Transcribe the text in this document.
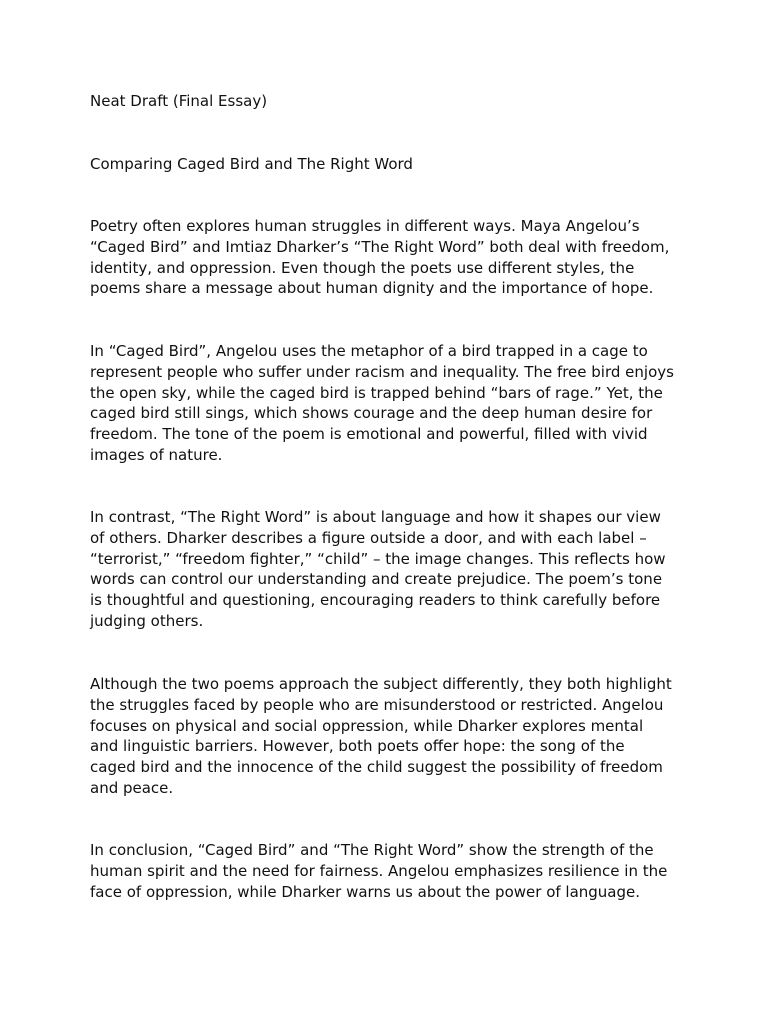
Neat Draft (Final Essay)

Comparing Caged Bird and The Right Word

Poetry often explores human struggles in different ways. Maya Angelou’s
“Caged Bird” and Imtiaz Dharker’s “The Right Word” both deal with freedom,
identity, and oppression. Even though the poets use different styles, the
poems share a message about human dignity and the importance of hope.
In “Caged Bird”, Angelou uses the metaphor of a bird trapped in a cage to
represent people who suffer under racism and inequality. The free bird enjoys
the open sky, while the caged bird is trapped behind “bars of rage.” Yet, the
caged bird still sings, which shows courage and the deep human desire for
freedom. The tone of the poem is emotional and powerful, filled with vivid
images of nature.
In contrast, “The Right Word” is about language and how it shapes our view
of others. Dharker describes a figure outside a door, and with each label –
“terrorist,” “freedom fighter,” “child” – the image changes. This reflects how
words can control our understanding and create prejudice. The poem’s tone
is thoughtful and questioning, encouraging readers to think carefully before
judging others.
Although the two poems approach the subject differently, they both highlight
the struggles faced by people who are misunderstood or restricted. Angelou
focuses on physical and social oppression, while Dharker explores mental
and linguistic barriers. However, both poets offer hope: the song of the
caged bird and the innocence of the child suggest the possibility of freedom
and peace.
In conclusion, “Caged Bird” and “The Right Word” show the strength of the
human spirit and the need for fairness. Angelou emphasizes resilience in the
face of oppression, while Dharker warns us about the power of language.
